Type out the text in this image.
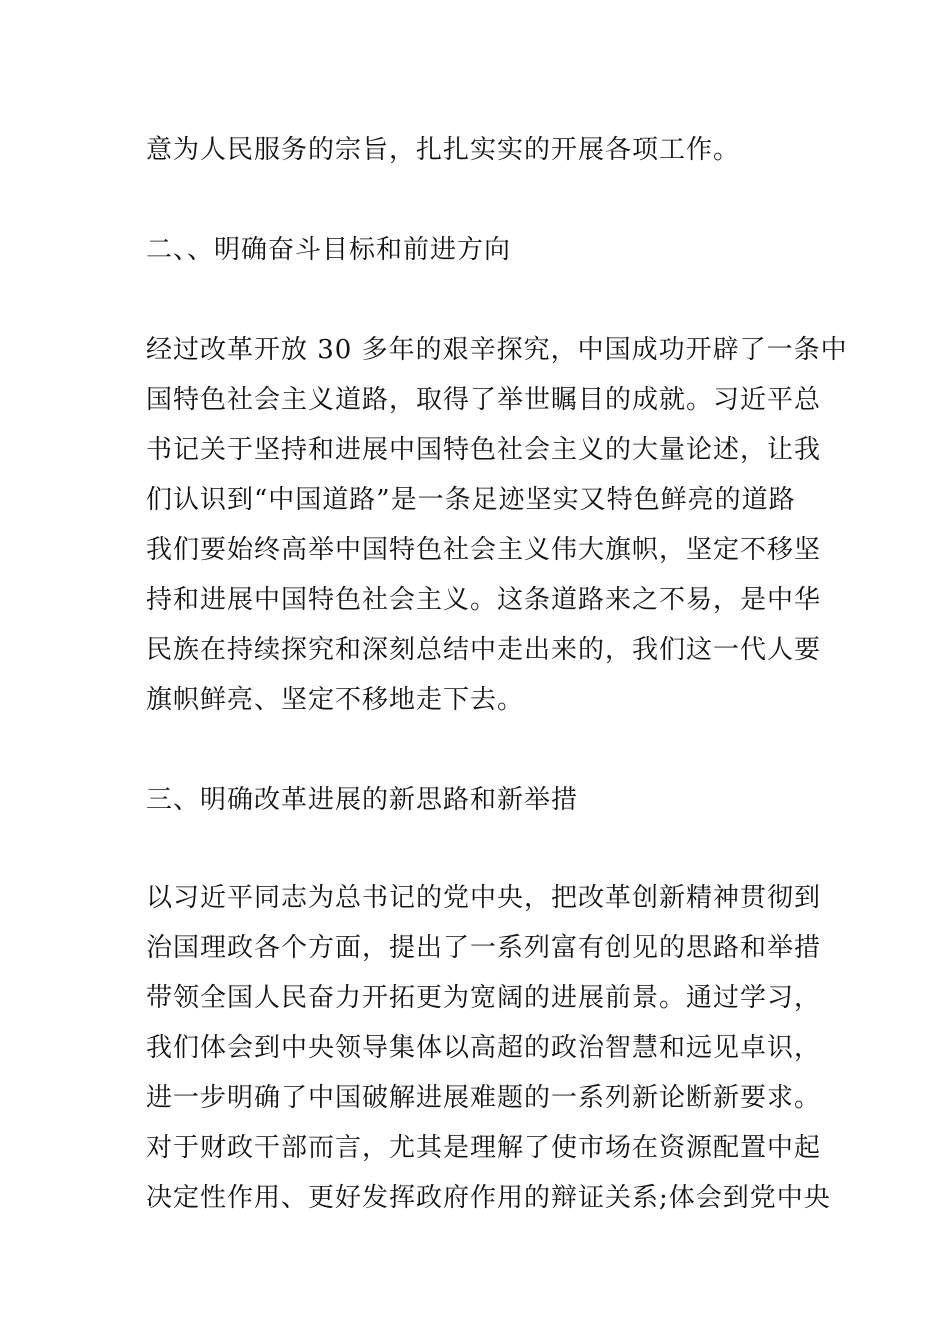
意为人民服务的宗旨，扎扎实实的开展各项工作。
二、、明确奋斗目标和前进方向
经过改革开放 30 多年的艰辛探究，中国成功开辟了一条中
国特色社会主义道路，取得了举世瞩目的成就。习近平总
书记关于坚持和进展中国特色社会主义的大量论述，让我
们认识到“中国道路”是一条足迹坚实又特色鲜亮的道路
我们要始终高举中国特色社会主义伟大旗帜，坚定不移坚
持和进展中国特色社会主义。这条道路来之不易，是中华
民族在持续探究和深刻总结中走出来的，我们这一代人要
旗帜鲜亮、坚定不移地走下去。
三、明确改革进展的新思路和新举措
以习近平同志为总书记的党中央，把改革创新精神贯彻到
治国理政各个方面，提出了一系列富有创见的思路和举措
带领全国人民奋力开拓更为宽阔的进展前景。通过学习，
我们体会到中央领导集体以高超的政治智慧和远见卓识，
进一步明确了中国破解进展难题的一系列新论断新要求。
对于财政干部而言，尤其是理解了使市场在资源配置中起
决定性作用、更好发挥政府作用的辩证关系;体会到党中央
